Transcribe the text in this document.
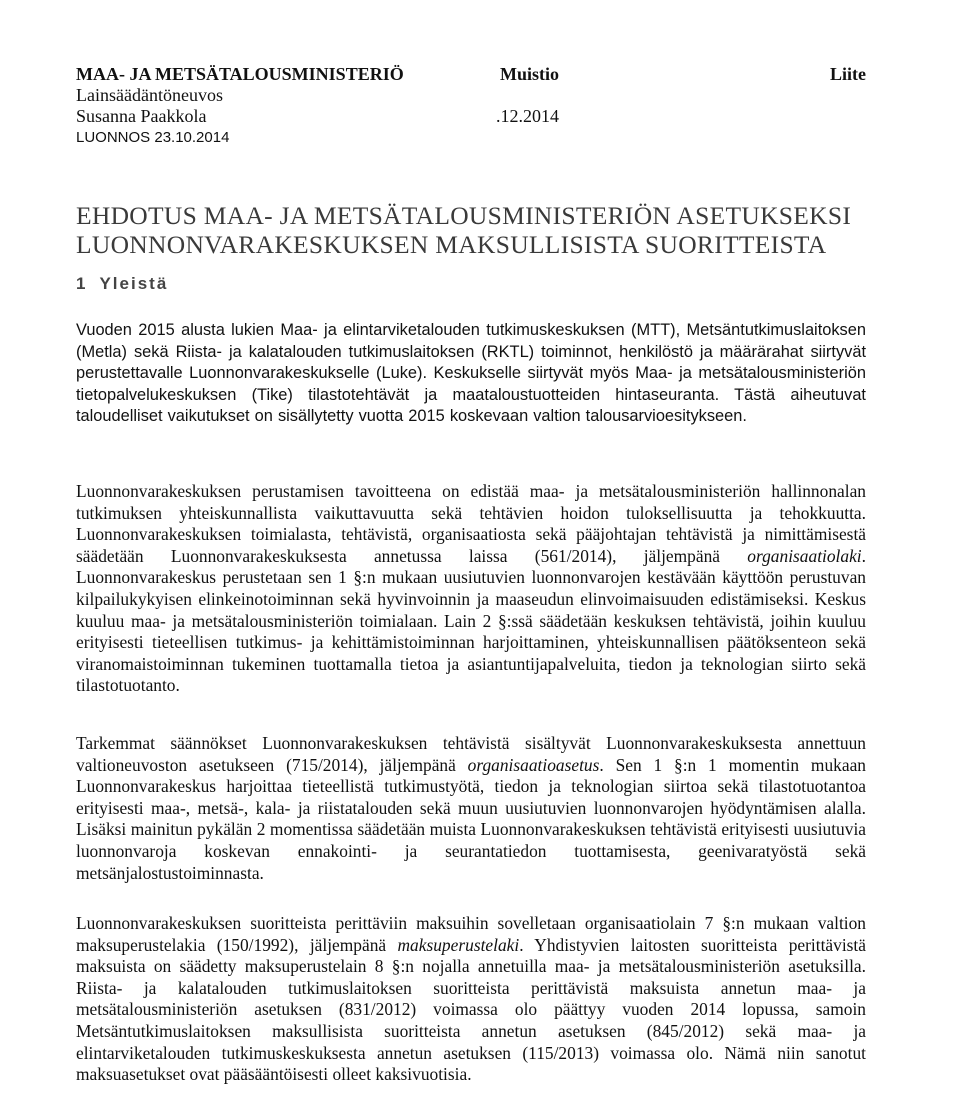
MAA- JA METSÄTALOUSMINISTERIÖ	Muistio	Liite
Lainsäädäntöneuvos
Susanna Paakkola	.12.2014
LUONNOS 23.10.2014
EHDOTUS MAA- JA METSÄTALOUSMINISTERIÖN ASETUKSEKSI
LUONNONVARAKESKUKSEN MAKSULLISISTA SUORITTEISTA
1 Yleistä

Vuoden 2015 alusta lukien Maa- ja elintarviketalouden tutkimuskeskuksen (MTT), Metsäntutkimuslaitoksen (Metla) sekä Riista- ja kalatalouden tutkimuslaitoksen (RKTL) toiminnot, henkilöstö ja määrärahat siirtyvät perustettavalle Luonnonvarakeskukselle (Luke). Keskukselle siirtyvät myös Maa- ja metsätalousministeriön tietopalvelukeskuksen (Tike) tilastotehtävät ja maataloustuotteiden hintaseuranta. Tästä aiheutuvat taloudelliset vaikutukset on sisällytetty vuotta 2015 koskevaan valtion talousarvioesitykseen.

Luonnonvarakeskuksen perustamisen tavoitteena on edistää maa- ja metsätalousministeriön hallinnonalan tutkimuksen yhteiskunnallista vaikuttavuutta sekä tehtävien hoidon tuloksellisuutta ja tehokkuutta. Luonnonvarakeskuksen toimialasta, tehtävistä, organisaatiosta sekä pääjohtajan tehtävistä ja nimittämisestä säädetään Luonnonvarakeskuksesta annetussa laissa (561/2014), jäljempänä organisaatiolaki. Luonnonvarakeskus perustetaan sen 1 §:n mukaan uusiutuvien luonnonvarojen kestävään käyttöön perustuvan kilpailukykyisen elinkeinotoiminnan sekä hyvinvoinnin ja maaseudun elinvoimaisuuden edistämiseksi. Keskus kuuluu maa- ja metsätalousministeriön toimialaan. Lain 2 §:ssä säädetään keskuksen tehtävistä, joihin kuuluu erityisesti tieteellisen tutkimus- ja kehittämistoiminnan harjoittaminen, yhteiskunnallisen päätöksenteon sekä viranomaistoiminnan tukeminen tuottamalla tietoa ja asiantuntijapalveluita, tiedon ja teknologian siirto sekä tilastotuotanto.

Tarkemmat säännökset Luonnonvarakeskuksen tehtävistä sisältyvät Luonnonvarakeskuksesta annettuun valtioneuvoston asetukseen (715/2014), jäljempänä organisaatioasetus. Sen 1 §:n 1 momentin mukaan Luonnonvarakeskus harjoittaa tieteellistä tutkimustyötä, tiedon ja teknologian siirtoa sekä tilastotuotantoa erityisesti maa-, metsä-, kala- ja riistatalouden sekä muun uusiutuvien luonnonvarojen hyödyntämisen alalla. Lisäksi mainitun pykälän 2 momentissa säädetään muista Luonnonvarakeskuksen tehtävistä erityisesti uusiutuvia luonnonvaroja koskevan ennakointi- ja seurantatiedon tuottamisesta, geenivaratyöstä sekä metsänjalostustoiminnasta.

Luonnonvarakeskuksen suoritteista perittäviin maksuihin sovelletaan organisaatiolain 7 §:n mukaan valtion maksuperustelakia (150/1992), jäljempänä maksuperustelaki. Yhdistyvien laitosten suoritteista perittävistä maksuista on säädetty maksuperustelain 8 §:n nojalla annetuilla maa- ja metsätalousministeriön asetuksilla. Riista- ja kalatalouden tutkimuslaitoksen suoritteista perittävistä maksuista annetun maa- ja metsätalousministeriön asetuksen (831/2012) voimassa olo päättyy vuoden 2014 lopussa, samoin Metsäntutkimuslaitoksen maksullisista suoritteista annetun asetuksen (845/2012) sekä maa- ja elintarviketalouden tutkimuskeskuksesta annetun asetuksen (115/2013) voimassa olo. Nämä niin sanotut maksuasetukset ovat pääsääntöisesti olleet kaksivuotisia.
